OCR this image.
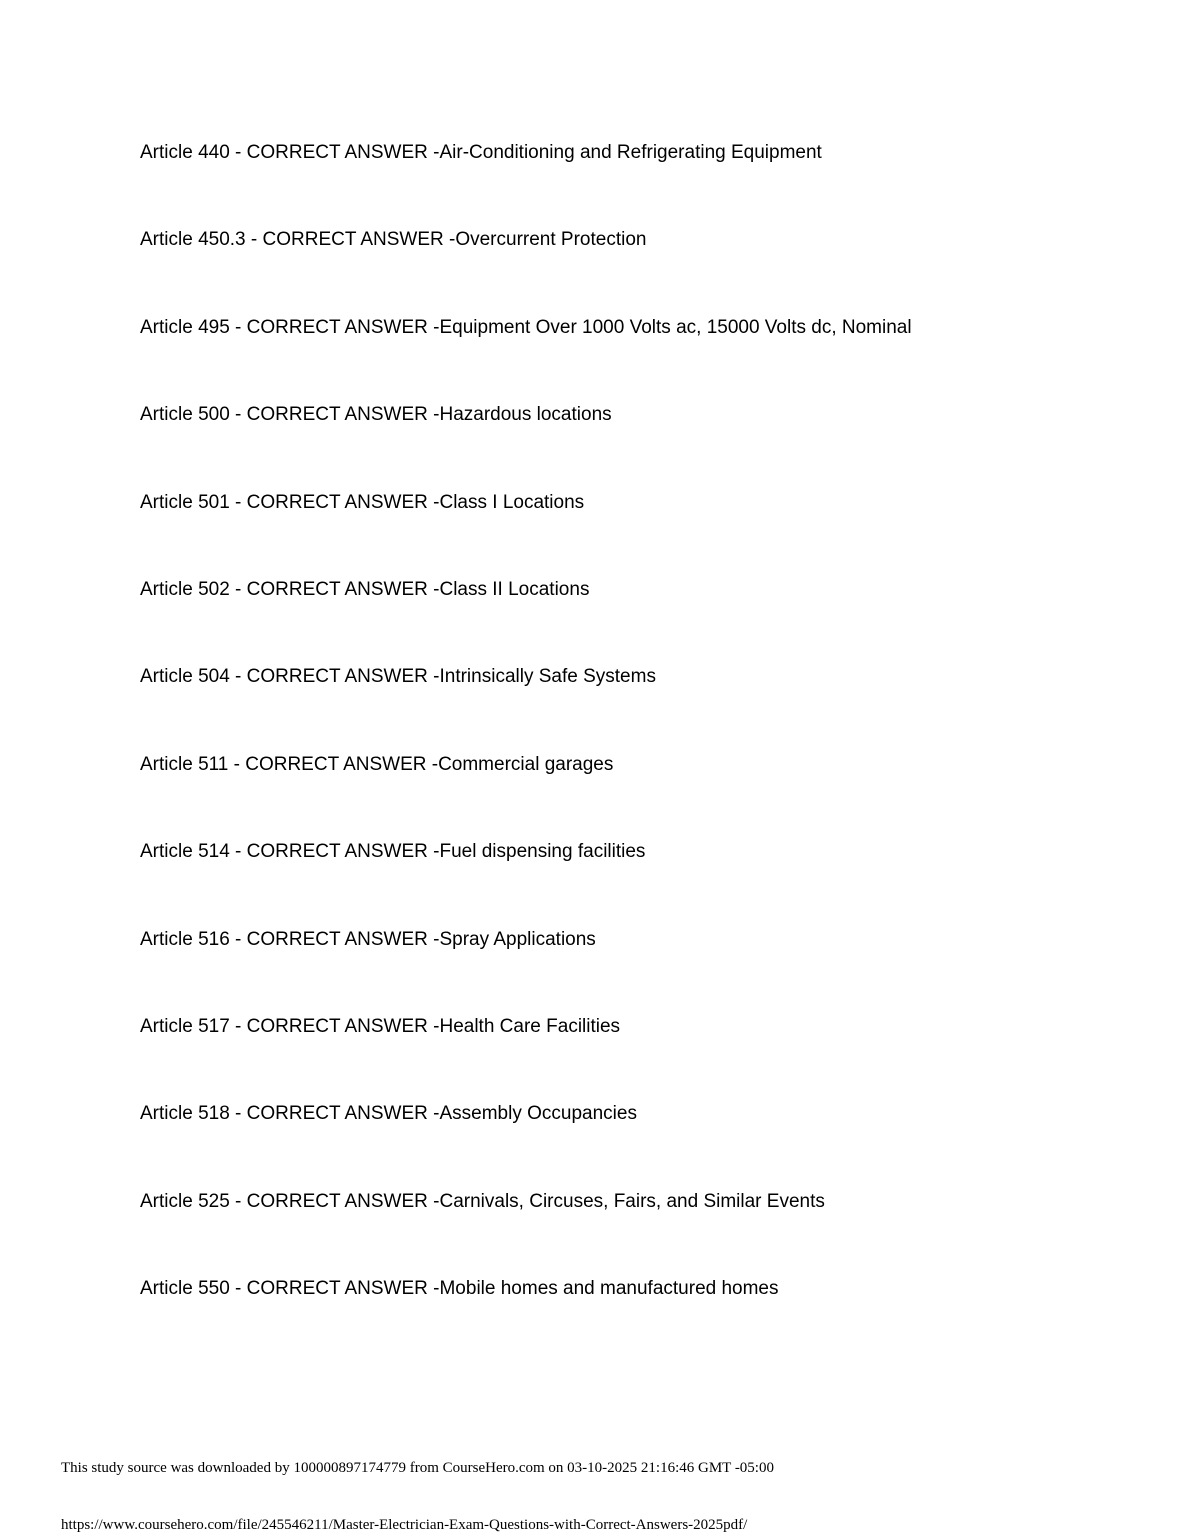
Article 440 - CORRECT ANSWER -Air-Conditioning and Refrigerating Equipment
Article 450.3 - CORRECT ANSWER -Overcurrent Protection
Article 495 - CORRECT ANSWER -Equipment Over 1000 Volts ac, 15000 Volts dc, Nominal
Article 500 - CORRECT ANSWER -Hazardous locations
Article 501 - CORRECT ANSWER -Class I Locations
Article 502 - CORRECT ANSWER -Class II Locations
Article 504 - CORRECT ANSWER -Intrinsically Safe Systems
Article 511 - CORRECT ANSWER -Commercial garages
Article 514 - CORRECT ANSWER -Fuel dispensing facilities
Article 516 - CORRECT ANSWER -Spray Applications
Article 517 - CORRECT ANSWER -Health Care Facilities
Article 518 - CORRECT ANSWER -Assembly Occupancies
Article 525 - CORRECT ANSWER -Carnivals, Circuses, Fairs, and Similar Events
Article 550 - CORRECT ANSWER -Mobile homes and manufactured homes
This study source was downloaded by 100000897174779 from CourseHero.com on 03-10-2025 21:16:46 GMT -05:00
https://www.coursehero.com/file/245546211/Master-Electrician-Exam-Questions-with-Correct-Answers-2025pdf/
